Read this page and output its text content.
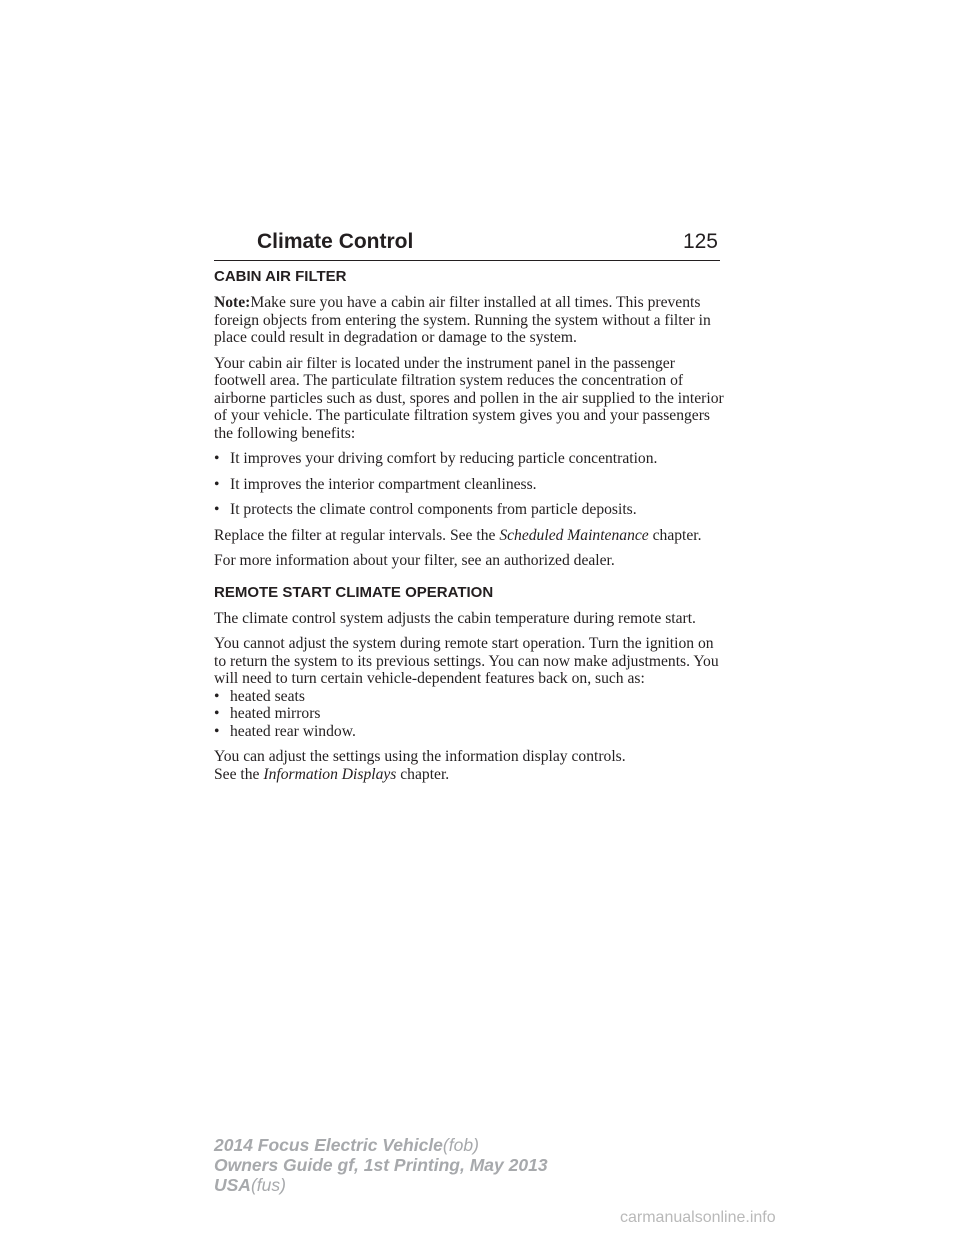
Climate Control	125
CABIN AIR FILTER

Note:Make sure you have a cabin air filter installed at all times. This prevents foreign objects from entering the system. Running the system without a filter in place could result in degradation or damage to the system.

Your cabin air filter is located under the instrument panel in the passenger footwell area. The particulate filtration system reduces the concentration of airborne particles such as dust, spores and pollen in the air supplied to the interior of your vehicle. The particulate filtration system gives you and your passengers the following benefits:

• It improves your driving comfort by reducing particle concentration.
• It improves the interior compartment cleanliness.
• It protects the climate control components from particle deposits.

Replace the filter at regular intervals. See the Scheduled Maintenance chapter.

For more information about your filter, see an authorized dealer.

REMOTE START CLIMATE OPERATION

The climate control system adjusts the cabin temperature during remote start.

You cannot adjust the system during remote start operation. Turn the ignition on to return the system to its previous settings. You can now make adjustments. You will need to turn certain vehicle-dependent features back on, such as:

• heated seats
• heated mirrors
• heated rear window.

You can adjust the settings using the information display controls.
See the Information Displays chapter.

2014 Focus Electric Vehicle(fob)
Owners Guide gf, 1st Printing, May 2013
USA(fus)
carmanualsonline.info
